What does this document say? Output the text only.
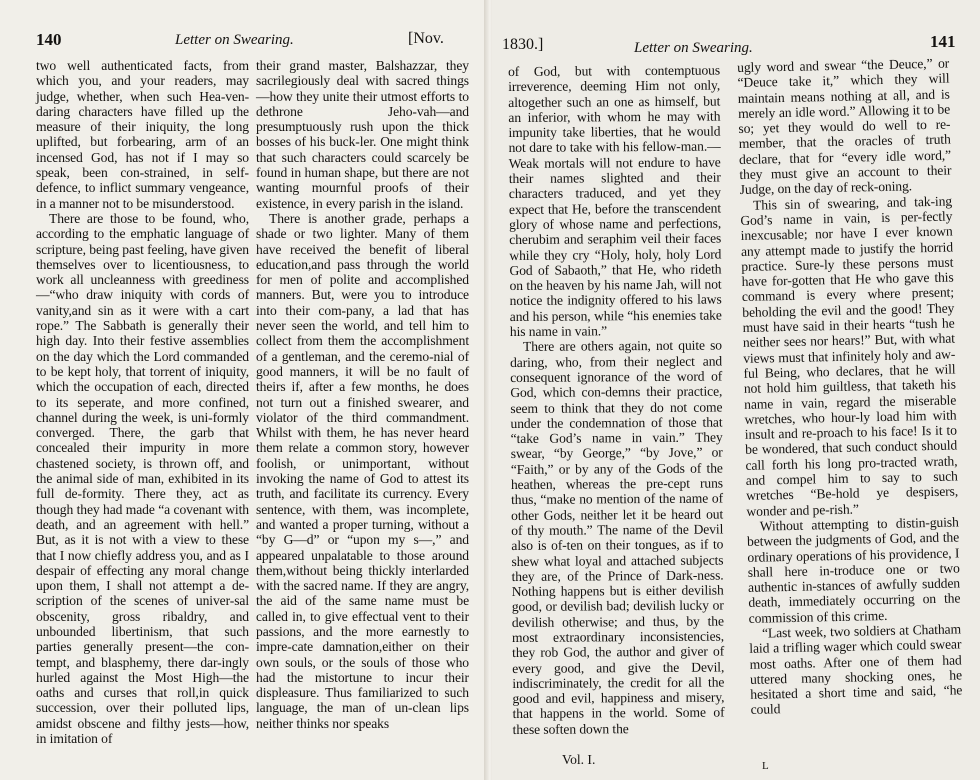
140	Letter on Swearing.	[Nov.

two well authenticated facts, from which you, and your readers, may judge, whether, when such Hea-ven-daring characters have filled up the measure of their iniquity, the long uplifted, but forbearing, arm of an incensed God, has not if I may so speak, been con-strained, in self-defence, to inflict summary vengeance, in a manner not to be misunderstood.

There are those to be found, who, according to the emphatic language of scripture, being past feeling, have given themselves over to licentiousness, to work all uncleanness with greediness—“who draw iniquity with cords of vanity,and sin as it were with a cart rope.” The Sabbath is generally their high day. Into their festive assemblies on the day which the Lord commanded to be kept holy, that torrent of iniquity, which the occupation of each, directed to its seperate, and more confined, channel during the week, is uni-formly converged. There, the garb that concealed their impurity in more chastened society, is thrown off, and the animal side of man, exhibited in its full de-formity. There they, act as though they had made “a covenant with death, and an agreement with hell.” But, as it is not with a view to these that I now chiefly address you, and as I despair of effecting any moral change upon them, I shall not attempt a de-scription of the scenes of univer-sal obscenity, gross ribaldry, and unbounded libertinism, that such parties generally present—the con-tempt, and blasphemy, there dar-ingly hurled against the Most High—the oaths and curses that roll,in quick succession, over their polluted lips, amidst obscene and filthy jests—how, in imitation of

their grand master, Balshazzar, they sacrilegiously deal with sacred things—how they unite their utmost efforts to dethrone Jeho-vah—and presumptuously rush upon the thick bosses of his buck-ler. One might think that such characters could scarcely be found in human shape, but there are not wanting mournful proofs of their existence, in every parish in the island.

There is another grade, perhaps a shade or two lighter. Many of them have received the benefit of liberal education,and pass through the world for men of polite and accomplished manners. But, were you to introduce into their com-pany, a lad that has never seen the world, and tell him to collect from them the accomplishment of a gentleman, and the ceremo-nial of good manners, it will be no fault of theirs if, after a few months, he does not turn out a finished swearer, and violator of the third commandment. Whilst with them, he has never heard them relate a common story, however foolish, or unimportant, without invoking the name of God to attest its truth, and facilitate its currency. Every sentence, with them, was incomplete, and wanted a proper turning, without a “by G—d” or “upon my s—,” and appeared unpalatable to those around them,without being thickly interlarded with the sacred name. If they are angry, the aid of the same name must be called in, to give effectual vent to their passions, and the more earnestly to impre-cate damnation,either on their own souls, or the souls of those who had the mistortune to incur their displeasure. Thus familiarized to such language, the man of un-clean lips neither thinks nor speaks

1830.]	Letter on Swearing.	141

of God, but with contemptuous irreverence, deeming Him not only, altogether such an one as himself, but an inferior, with whom he may with impunity take liberties, that he would not dare to take with his fellow-man.—Weak mortals will not endure to have their names slighted and their characters traduced, and yet they expect that He, before the transcendent glory of whose name and perfections, cherubim and seraphim veil their faces while they cry “Holy, holy, holy Lord God of Sabaoth,” that He, who rideth on the heaven by his name Jah, will not notice the indignity offered to his laws and his person, while “his enemies take his name in vain.”

There are others again, not quite so daring, who, from their neglect and consequent ignorance of the word of God, which con-demns their practice, seem to think that they do not come under the condemnation of those that “take God’s name in vain.” They swear, “by George,” “by Jove,” or “Faith,” or by any of the Gods of the heathen, whereas the pre-cept runs thus, “make no mention of the name of other Gods, neither let it be heard out of thy mouth.” The name of the Devil also is of-ten on their tongues, as if to shew what loyal and attached subjects they are, of the Prince of Dark-ness. Nothing happens but is either devilish good, or devilish bad; devilish lucky or devilish otherwise; and thus, by the most extraordinary inconsistencies, they rob God, the author and giver of every good, and give the Devil, indiscriminately, the credit for all the good and evil, happiness and misery, that happens in the world. Some of these soften down the

ugly word and swear “the Deuce,” or “Deuce take it,” which they will maintain means nothing at all, and is merely an idle word.” Allowing it to be so; yet they would do well to re-member, that the oracles of truth declare, that for “every idle word,” they must give an account to their Judge, on the day of reck-oning.

This sin of swearing, and tak-ing God’s name in vain, is per-fectly inexcusable; nor have I ever known any attempt made to justify the horrid practice. Sure-ly these persons must have for-gotten that He who gave this command is every where present; beholding the evil and the good! They must have said in their hearts “tush he neither sees nor hears!” But, with what views must that infinitely holy and aw-ful Being, who declares, that he will not hold him guiltless, that taketh his name in vain, regard the miserable wretches, who hour-ly load him with insult and re-proach to his face! Is it to be wondered, that such conduct should call forth his long pro-tracted wrath, and compel him to say to such wretches “Be-hold ye despisers, wonder and pe-rish.”

Without attempting to distin-guish between the judgments of God, and the ordinary operations of his providence, I shall here in-troduce one or two authentic in-stances of awfully sudden death, immediately occurring on the commission of this crime.

“Last week, two soldiers at Chatham laid a trifling wager which could swear most oaths. After one of them had uttered many shocking ones, he hesitated a short time and said, “he could

Vol. I.	L
